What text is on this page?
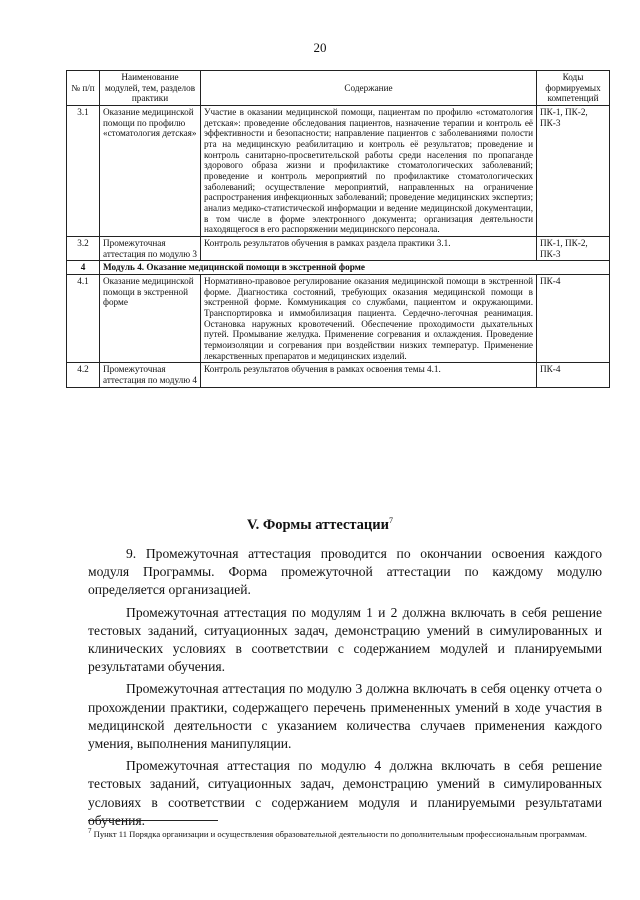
20
№ п/п	Наименование модулей, тем, разделов практики	Содержание	Коды формируемых компетенций
3.1	Оказание медицинской помощи по профилю «стоматология детская»	Участие в оказании медицинской помощи, пациентам по профилю «стоматология детская»: проведение обследования пациентов, назначение терапии и контроль её эффективности и безопасности; направление пациентов с заболеваниями полости рта на медицинскую реабилитацию и контроль её результатов; проведение и контроль санитарно-просветительской работы среди населения по пропаганде здорового образа жизни и профилактике стоматологических заболеваний; проведение и контроль мероприятий по профилактике стоматологических заболеваний; осуществление мероприятий, направленных на ограничение распространения инфекционных заболеваний; проведение медицинских экспертиз; анализ медико-статистической информации и ведение медицинской документации, в том числе в форме электронного документа; организация деятельности находящегося в его распоряжении медицинского персонала.	ПК-1, ПК-2, ПК-3
3.2	Промежуточная аттестация по модулю 3	Контроль результатов обучения в рамках раздела практики 3.1.	ПК-1, ПК-2, ПК-3
4	Модуль 4. Оказание медицинской помощи в экстренной форме		
4.1	Оказание медицинской помощи в экстренной форме	Нормативно-правовое регулирование оказания медицинской помощи в экстренной форме. Диагностика состояний, требующих оказания медицинской помощи в экстренной форме. Коммуникация со службами, пациентом и окружающими. Транспортировка и иммобилизация пациента. Сердечно-легочная реанимация. Остановка наружных кровотечений. Обеспечение проходимости дыхательных путей. Промывание желудка. Применение согревания и охлаждения. Проведение термоизоляции и согревания при воздействии низких температур. Применение лекарственных препаратов и медицинских изделий.	ПК-4
4.2	Промежуточная аттестация по модулю 4	Контроль результатов обучения в рамках освоения темы 4.1.	ПК-4
V. Формы аттестации$^7$

9. Промежуточная аттестация проводится по окончании освоения каждого модуля Программы. Форма промежуточной аттестации по каждому модулю определяется организацией.

Промежуточная аттестация по модулям 1 и 2 должна включать в себя решение тестовых заданий, ситуационных задач, демонстрацию умений в симулированных и клинических условиях в соответствии с содержанием модулей и планируемыми результатами обучения.

Промежуточная аттестация по модулю 3 должна включать в себя оценку отчета о прохождении практики, содержащего перечень примененных умений в ходе участия в медицинской деятельности с указанием количества случаев применения каждого умения, выполнения манипуляции.

Промежуточная аттестация по модулю 4 должна включать в себя решение тестовых заданий, ситуационных задач, демонстрацию умений в симулированных условиях в соответствии с содержанием модуля и планируемыми результатами обучения.

$^7$ Пункт 11 Порядка организации и осуществления образовательной деятельности по дополнительным профессиональным программам.
